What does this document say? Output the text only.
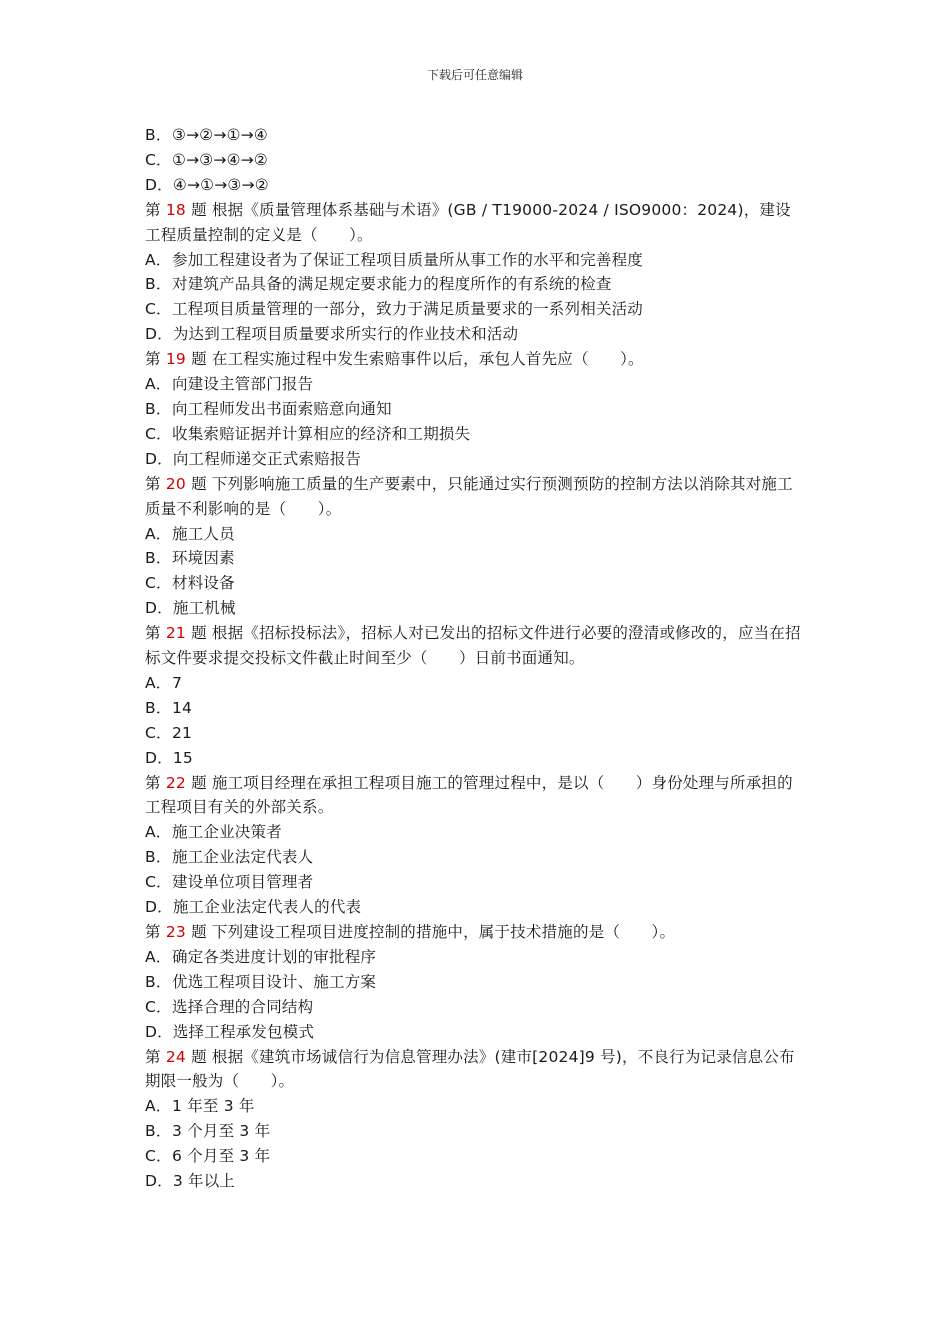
下载后可任意编辑
B．③→②→①→④
C．①→③→④→②
D．④→①→③→②
第 18 题 根据《质量管理体系基础与术语》(GB / T19000-2024 / ISO9000：2024)，建设工程质量控制的定义是（　　）。
A．参加工程建设者为了保证工程项目质量所从事工作的水平和完善程度
B．对建筑产品具备的满足规定要求能力的程度所作的有系统的检查
C．工程项目质量管理的一部分，致力于满足质量要求的一系列相关活动
D．为达到工程项目质量要求所实行的作业技术和活动
第 19 题 在工程实施过程中发生索赔事件以后，承包人首先应（　　）。
A．向建设主管部门报告
B．向工程师发出书面索赔意向通知
C．收集索赔证据并计算相应的经济和工期损失
D．向工程师递交正式索赔报告
第 20 题 下列影响施工质量的生产要素中，只能通过实行预测预防的控制方法以消除其对施工质量不利影响的是（　　）。
A．施工人员
B．环境因素
C．材料设备
D．施工机械
第 21 题 根据《招标投标法》，招标人对已发出的招标文件进行必要的澄清或修改的，应当在招标文件要求提交投标文件截止时间至少（　　）日前书面通知。
A．7
B．14
C．21
D．15
第 22 题 施工项目经理在承担工程项目施工的管理过程中，是以（　　）身份处理与所承担的工程项目有关的外部关系。
A．施工企业决策者
B．施工企业法定代表人
C．建设单位项目管理者
D．施工企业法定代表人的代表
第 23 题 下列建设工程项目进度控制的措施中，属于技术措施的是（　　）。
A．确定各类进度计划的审批程序
B．优选工程项目设计、施工方案
C．选择合理的合同结构
D．选择工程承发包模式
第 24 题 根据《建筑市场诚信行为信息管理办法》(建市[2024]9 号)，不良行为记录信息公布期限一般为（　　）。
A．1 年至 3 年
B．3 个月至 3 年
C．6 个月至 3 年
D．3 年以上
